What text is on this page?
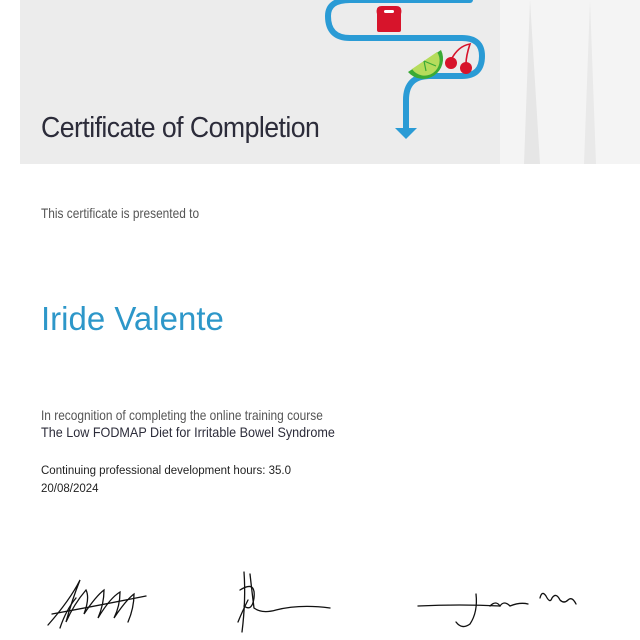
Certificate of Completion
This certificate is presented to
Iride Valente
In recognition of completing the online training course
The Low FODMAP Diet for Irritable Bowel Syndrome
Continuing professional development hours: 35.0
20/08/2024
